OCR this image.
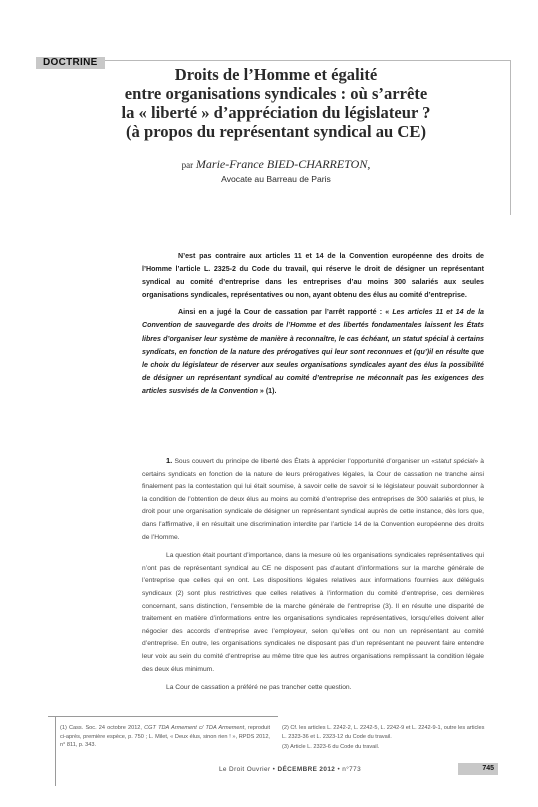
DOCTRINE
Droits de l’Homme et égalité
entre organisations syndicales : où s’arrête
la « liberté » d’appréciation du législateur ?
(à propos du représentant syndical au CE)
par Marie-France BIED-CHARRETON,
Avocate au Barreau de Paris

N’est pas contraire aux articles 11 et 14 de la Convention européenne des droits de l’Homme l’article L. 2325-2 du Code du travail, qui réserve le droit de désigner un représentant syndical au comité d’entreprise dans les entreprises d’au moins 300 salariés aux seules organisations syndicales, représentatives ou non, ayant obtenu des élus au comité d’entreprise.

Ainsi en a jugé la Cour de cassation par l’arrêt rapporté : « Les articles 11 et 14 de la Convention de sauvegarde des droits de l’Homme et des libertés fondamentales laissent les États libres d’organiser leur système de manière à reconnaître, le cas échéant, un statut spécial à certains syndicats, en fonction de la nature des prérogatives qui leur sont reconnues et (qu’)il en résulte que le choix du législateur de réserver aux seules organisations syndicales ayant des élus la possibilité de désigner un représentant syndical au comité d’entreprise ne méconnaît pas les exigences des articles susvisés de la Convention » (1).

1. Sous couvert du principe de liberté des États à apprécier l’opportunité d’organiser un «statut spécial» à certains syndicats en fonction de la nature de leurs prérogatives légales, la Cour de cassation ne tranche ainsi finalement pas la contestation qui lui était soumise, à savoir celle de savoir si le législateur pouvait subordonner à la condition de l’obtention de deux élus au moins au comité d’entreprise des entreprises de 300 salariés et plus, le droit pour une organisation syndicale de désigner un représentant syndical auprès de cette instance, dès lors que, dans l’affirmative, il en résultait une discrimination interdite par l’article 14 de la Convention européenne des droits de l’Homme.

La question était pourtant d’importance, dans la mesure où les organisations syndicales représentatives qui n’ont pas de représentant syndical au CE ne disposent pas d’autant d’informations sur la marche générale de l’entreprise que celles qui en ont. Les dispositions légales relatives aux informations fournies aux délégués syndicaux (2) sont plus restrictives que celles relatives à l’information du comité d’entreprise, ces dernières concernant, sans distinction, l’ensemble de la marche générale de l’entreprise (3). Il en résulte une disparité de traitement en matière d’informations entre les organisations syndicales représentatives, lorsqu’elles doivent aller négocier des accords d’entreprise avec l’employeur, selon qu’elles ont ou non un représentant au comité d’entreprise. En outre, les organisations syndicales ne disposant pas d’un représentant ne peuvent faire entendre leur voix au sein du comité d’entreprise au même titre que les autres organisations remplissant la condition légale des deux élus minimum.

La Cour de cassation a préféré ne pas trancher cette question.

(1) Cass. Soc. 24 octobre 2012, CGT TDA Armement c/ TDA Armement, reproduit ci-après, première espèce, p. 750 ; L. Milet, « Deux élus, sinon rien ! », RPDS 2012, n° 811, p. 343.

(2) Cf. les articles L. 2242-2, L. 2242-5, L. 2242-9 et L. 2242-9-1, outre les articles L. 2323-36 et L. 2323-12 du Code du travail.

(3) Article L. 2323-6 du Code du travail.

Le Droit Ouvrier • DÉCEMBRE 2012 • n°773	745
